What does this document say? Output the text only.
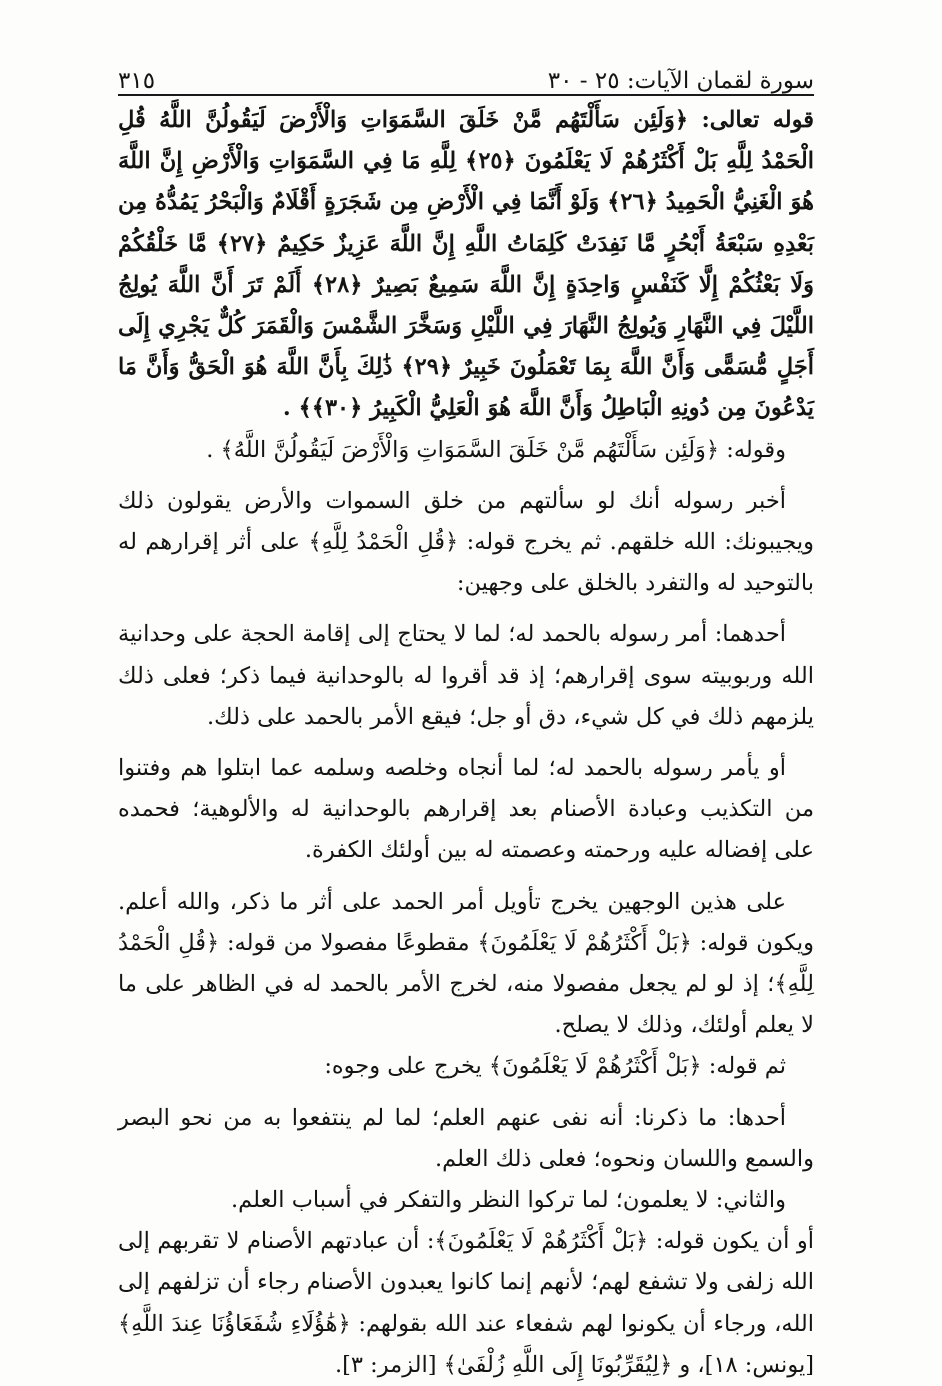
سورة لقمان الآيات: ٢٥ - ٣٠
٣١٥

قوله تعالى: ﴿وَلَئِن سَأَلْتَهُم مَّنْ خَلَقَ السَّمَوَاتِ وَالْأَرْضَ لَيَقُولُنَّ اللَّهُ قُلِ الْحَمْدُ لِلَّهِ بَلْ أَكْثَرُهُمْ لَا يَعْلَمُونَ ﴿٢٥﴾ لِلَّهِ مَا فِي السَّمَوَاتِ وَالْأَرْضِ إِنَّ اللَّهَ هُوَ الْغَنِيُّ الْحَمِيدُ ﴿٢٦﴾ وَلَوْ أَنَّمَا فِي الْأَرْضِ مِن شَجَرَةٍ أَقْلَامٌ وَالْبَحْرُ يَمُدُّهُ مِن بَعْدِهِ سَبْعَةُ أَبْحُرٍ مَّا نَفِدَتْ كَلِمَاتُ اللَّهِ إِنَّ اللَّهَ عَزِيزٌ حَكِيمٌ ﴿٢٧﴾ مَّا خَلْقُكُمْ وَلَا بَعْثُكُمْ إِلَّا كَنَفْسٍ وَاحِدَةٍ إِنَّ اللَّهَ سَمِيعٌ بَصِيرٌ ﴿٢٨﴾ أَلَمْ تَرَ أَنَّ اللَّهَ يُولِجُ اللَّيْلَ فِي النَّهَارِ وَيُولِجُ النَّهَارَ فِي اللَّيْلِ وَسَخَّرَ الشَّمْسَ وَالْقَمَرَ كُلٌّ يَجْرِي إِلَى أَجَلٍ مُّسَمًّى وَأَنَّ اللَّهَ بِمَا تَعْمَلُونَ خَبِيرٌ ﴿٢٩﴾ ذَٰلِكَ بِأَنَّ اللَّهَ هُوَ الْحَقُّ وَأَنَّ مَا يَدْعُونَ مِن دُونِهِ الْبَاطِلُ وَأَنَّ اللَّهَ هُوَ الْعَلِيُّ الْكَبِيرُ ﴿٣٠﴾﴾ .

وقوله: ﴿وَلَئِن سَأَلْتَهُم مَّنْ خَلَقَ السَّمَوَاتِ وَالْأَرْضَ لَيَقُولُنَّ اللَّهُ﴾ .

أخبر رسوله أنك لو سألتهم من خلق السموات والأرض يقولون ذلك ويجيبونك: الله خلقهم. ثم يخرج قوله: ﴿قُلِ الْحَمْدُ لِلَّهِ﴾ على أثر إقرارهم له بالتوحيد له والتفرد بالخلق على وجهين:

أحدهما: أمر رسوله بالحمد له؛ لما لا يحتاج إلى إقامة الحجة على وحدانية الله وربوبيته سوى إقرارهم؛ إذ قد أقروا له بالوحدانية فيما ذكر؛ فعلى ذلك يلزمهم ذلك في كل شيء، دق أو جل؛ فيقع الأمر بالحمد على ذلك.

أو يأمر رسوله بالحمد له؛ لما أنجاه وخلصه وسلمه عما ابتلوا هم وفتنوا من التكذيب وعبادة الأصنام بعد إقرارهم بالوحدانية له والألوهية؛ فحمده على إفضاله عليه ورحمته وعصمته له بين أولئك الكفرة.

على هذين الوجهين يخرج تأويل أمر الحمد على أثر ما ذكر، والله أعلم. ويكون قوله: ﴿بَلْ أَكْثَرُهُمْ لَا يَعْلَمُونَ﴾ مقطوعًا مفصولا من قوله: ﴿قُلِ الْحَمْدُ لِلَّهِ﴾؛ إذ لو لم يجعل مفصولا منه، لخرج الأمر بالحمد له في الظاهر على ما لا يعلم أولئك، وذلك لا يصلح.

ثم قوله: ﴿بَلْ أَكْثَرُهُمْ لَا يَعْلَمُونَ﴾ يخرج على وجوه:

أحدها: ما ذكرنا: أنه نفى عنهم العلم؛ لما لم ينتفعوا به من نحو البصر والسمع واللسان ونحوه؛ فعلى ذلك العلم.

والثاني: لا يعلمون؛ لما تركوا النظر والتفكر في أسباب العلم.

أو أن يكون قوله: ﴿بَلْ أَكْثَرُهُمْ لَا يَعْلَمُونَ﴾: أن عبادتهم الأصنام لا تقربهم إلى الله زلفى ولا تشفع لهم؛ لأنهم إنما كانوا يعبدون الأصنام رجاء أن تزلفهم إلى الله، ورجاء أن يكونوا لهم شفعاء عند الله بقولهم: ﴿هَٰؤُلَاءِ شُفَعَاؤُنَا عِندَ اللَّهِ﴾ [يونس: ١٨]، و ﴿لِيُقَرِّبُونَا إِلَى اللَّهِ زُلْفَىٰ﴾ [الزمر: ٣].
